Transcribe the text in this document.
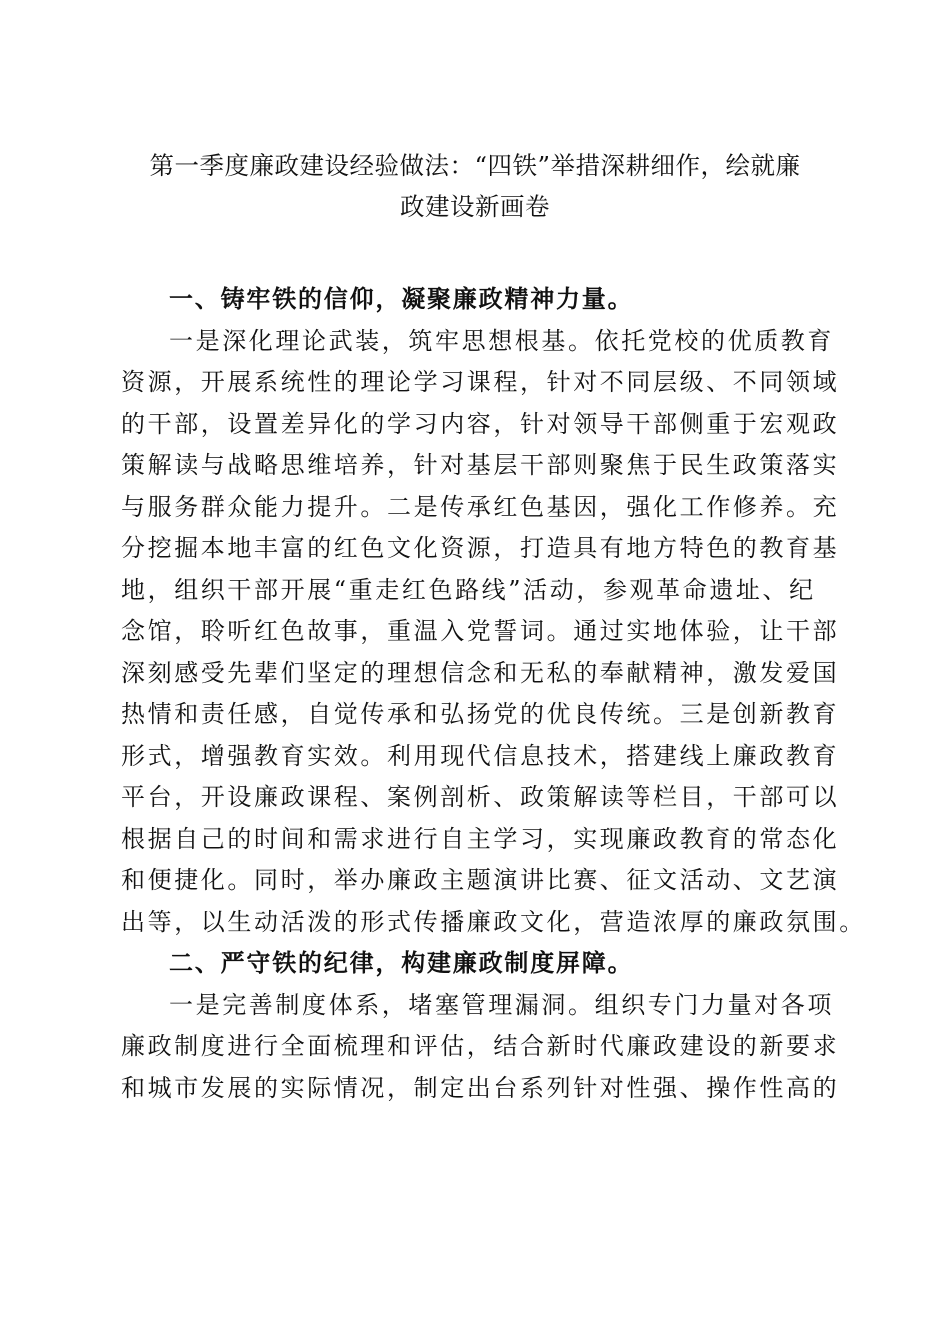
第一季度廉政建设经验做法：“四铁”举措深耕细作，绘就廉
政建设新画卷
一、铸牢铁的信仰，凝聚廉政精神力量。
一是深化理论武装，筑牢思想根基。依托党校的优质教育
资源，开展系统性的理论学习课程，针对不同层级、不同领域
的干部，设置差异化的学习内容，针对领导干部侧重于宏观政
策解读与战略思维培养，针对基层干部则聚焦于民生政策落实
与服务群众能力提升。二是传承红色基因，强化工作修养。充
分挖掘本地丰富的红色文化资源，打造具有地方特色的教育基
地，组织干部开展“重走红色路线”活动，参观革命遗址、纪
念馆，聆听红色故事，重温入党誓词。通过实地体验，让干部
深刻感受先辈们坚定的理想信念和无私的奉献精神，激发爱国
热情和责任感，自觉传承和弘扬党的优良传统。三是创新教育
形式，增强教育实效。利用现代信息技术，搭建线上廉政教育
平台，开设廉政课程、案例剖析、政策解读等栏目，干部可以
根据自己的时间和需求进行自主学习，实现廉政教育的常态化
和便捷化。同时，举办廉政主题演讲比赛、征文活动、文艺演
出等，以生动活泼的形式传播廉政文化，营造浓厚的廉政氛围。
二、严守铁的纪律，构建廉政制度屏障。
一是完善制度体系，堵塞管理漏洞。组织专门力量对各项
廉政制度进行全面梳理和评估，结合新时代廉政建设的新要求
和城市发展的实际情况，制定出台系列针对性强、操作性高的
